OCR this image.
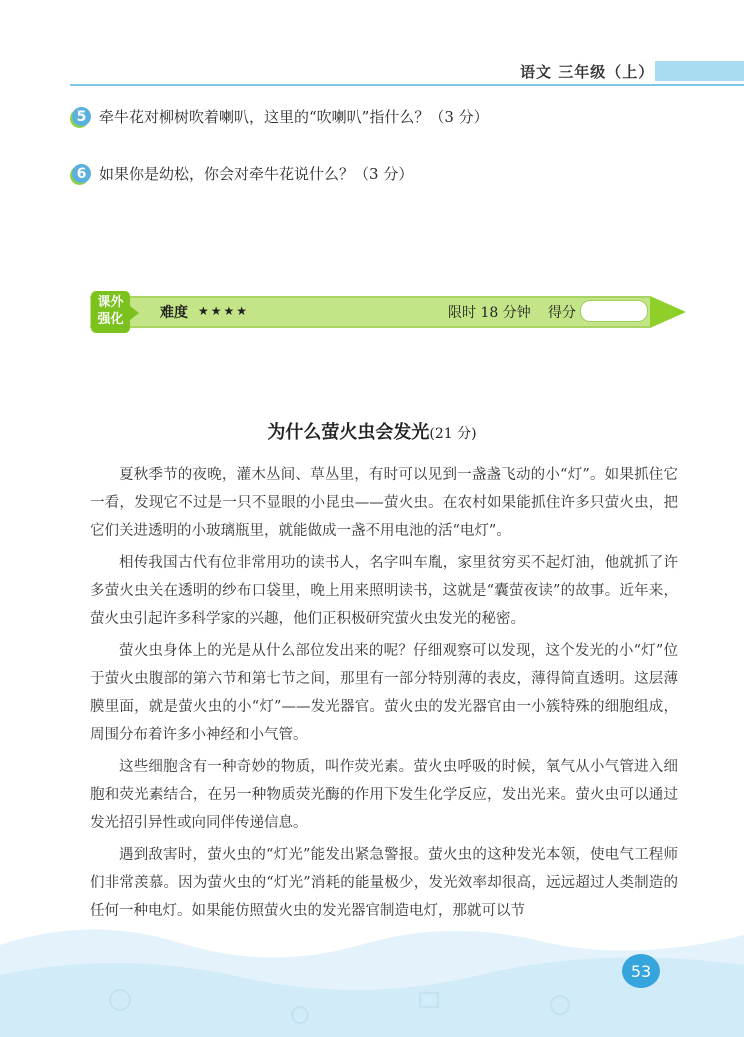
语文 三年级（上）
5 牵牛花对柳树吹着喇叭，这里的“吹喇叭”指什么？（3 分）
6 如果你是幼松，你会对牵牛花说什么？（3 分）
课外
强化	难度 ★★★★	限时 18 分钟 得分
为什么萤火虫会发光(21 分)

夏秋季节的夜晚，灌木丛间、草丛里，有时可以见到一盏盏飞动的小“灯”。如果抓住它一看，发现它不过是一只不显眼的小昆虫——萤火虫。在农村如果能抓住许多只萤火虫，把它们关进透明的小玻璃瓶里，就能做成一盏不用电池的活“电灯”。

相传我国古代有位非常用功的读书人，名字叫车胤，家里贫穷买不起灯油，他就抓了许多萤火虫关在透明的纱布口袋里，晚上用来照明读书，这就是“囊萤夜读”的故事。近年来，萤火虫引起许多科学家的兴趣，他们正积极研究萤火虫发光的秘密。

萤火虫身体上的光是从什么部位发出来的呢？仔细观察可以发现，这个发光的小“灯”位于萤火虫腹部的第六节和第七节之间，那里有一部分特别薄的表皮，薄得简直透明。这层薄膜里面，就是萤火虫的小“灯”——发光器官。萤火虫的发光器官由一小簇特殊的细胞组成，周围分布着许多小神经和小气管。

这些细胞含有一种奇妙的物质，叫作荧光素。萤火虫呼吸的时候，氧气从小气管进入细胞和荧光素结合，在另一种物质荧光酶的作用下发生化学反应，发出光来。萤火虫可以通过发光招引异性或向同伴传递信息。

遇到敌害时，萤火虫的“灯光”能发出紧急警报。萤火虫的这种发光本领，使电气工程师们非常羡慕。因为萤火虫的“灯光”消耗的能量极少，发光效率却很高，远远超过人类制造的任何一种电灯。如果能仿照萤火虫的发光器官制造电灯，那就可以节

53
